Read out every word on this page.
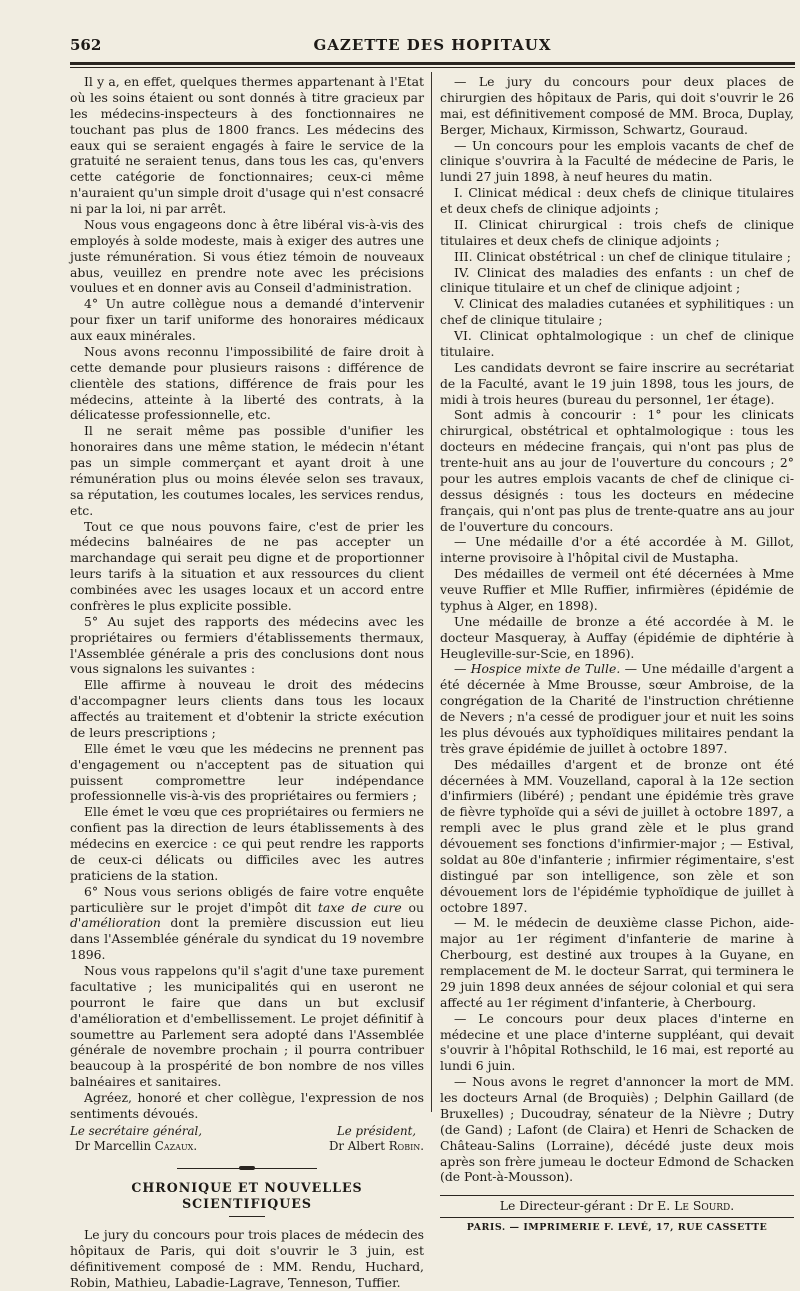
562	GAZETTE DES HOPITAUX

Il y a, en effet, quelques thermes appartenant à l'Etat où les soins étaient ou sont donnés à titre gracieux par les médecins-inspecteurs à des fonctionnaires ne touchant pas plus de 1800 francs. Les médecins des eaux qui se seraient engagés à faire le service de la gratuité ne seraient tenus, dans tous les cas, qu'envers cette catégorie de fonctionnaires; ceux-ci même n'auraient qu'un simple droit d'usage qui n'est consacré ni par la loi, ni par arrêt.

Nous vous engageons donc à être libéral vis-à-vis des employés à solde modeste, mais à exiger des autres une juste rémunération. Si vous étiez témoin de nouveaux abus, veuillez en prendre note avec les précisions voulues et en donner avis au Conseil d'administration.

4° Un autre collègue nous a demandé d'intervenir pour fixer un tarif uniforme des honoraires médicaux aux eaux minérales.

Nous avons reconnu l'impossibilité de faire droit à cette demande pour plusieurs raisons : différence de clientèle des stations, différence de frais pour les médecins, atteinte à la liberté des contrats, à la délicatesse professionnelle, etc.

Il ne serait même pas possible d'unifier les honoraires dans une même station, le médecin n'étant pas un simple commerçant et ayant droit à une rémunération plus ou moins élevée selon ses travaux, sa réputation, les coutumes locales, les services rendus, etc.

Tout ce que nous pouvons faire, c'est de prier les médecins balnéaires de ne pas accepter un marchandage qui serait peu digne et de proportionner leurs tarifs à la situation et aux ressources du client combinées avec les usages locaux et un accord entre confrères le plus explicite possible.

5° Au sujet des rapports des médecins avec les propriétaires ou fermiers d'établissements thermaux, l'Assemblée générale a pris des conclusions dont nous vous signalons les suivantes :

Elle affirme à nouveau le droit des médecins d'accompagner leurs clients dans tous les locaux affectés au traitement et d'obtenir la stricte exécution de leurs prescriptions ;

Elle émet le vœu que les médecins ne prennent pas d'engagement ou n'acceptent pas de situation qui puissent compromettre leur indépendance professionnelle vis-à-vis des propriétaires ou fermiers ;

Elle émet le vœu que ces propriétaires ou fermiers ne confient pas la direction de leurs établissements à des médecins en exercice : ce qui peut rendre les rapports de ceux-ci délicats ou difficiles avec les autres praticiens de la station.

6° Nous vous serions obligés de faire votre enquête particulière sur le projet d'impôt dit taxe de cure ou d'amélioration dont la première discussion eut lieu dans l'Assemblée générale du syndicat du 19 novembre 1896.

Nous vous rappelons qu'il s'agit d'une taxe purement facultative ; les municipalités qui en useront ne pourront le faire que dans un but exclusif d'amélioration et d'embellissement. Le projet définitif à soumettre au Parlement sera adopté dans l'Assemblée générale de novembre prochain ; il pourra contribuer beaucoup à la prospérité de bon nombre de nos villes balnéaires et sanitaires.

Agréez, honoré et cher collègue, l'expression de nos sentiments dévoués.

Le secrétaire général,
Dr Marcellin Cazaux.
Le président,
Dr Albert Robin.
CHRONIQUE ET NOUVELLES SCIENTIFIQUES

Le jury du concours pour trois places de médecin des hôpitaux de Paris, qui doit s'ouvrir le 3 juin, est définitivement composé de : MM. Rendu, Huchard, Robin, Mathieu, Labadie-Lagrave, Tenneson, Tuffier.

— Le jury du concours pour deux places de chirurgien des hôpitaux de Paris, qui doit s'ouvrir le 26 mai, est définitivement composé de MM. Broca, Duplay, Berger, Michaux, Kirmisson, Schwartz, Gouraud.

— Un concours pour les emplois vacants de chef de clinique s'ouvrira à la Faculté de médecine de Paris, le lundi 27 juin 1898, à neuf heures du matin.

I. Clinicat médical : deux chefs de clinique titulaires et deux chefs de clinique adjoints ;

II. Clinicat chirurgical : trois chefs de clinique titulaires et deux chefs de clinique adjoints ;

III. Clinicat obstétrical : un chef de clinique titulaire ;

IV. Clinicat des maladies des enfants : un chef de clinique titulaire et un chef de clinique adjoint ;

V. Clinicat des maladies cutanées et syphilitiques : un chef de clinique titulaire ;

VI. Clinicat ophtalmologique : un chef de clinique titulaire.

Les candidats devront se faire inscrire au secrétariat de la Faculté, avant le 19 juin 1898, tous les jours, de midi à trois heures (bureau du personnel, 1er étage).

Sont admis à concourir : 1° pour les clinicats chirurgical, obstétrical et ophtalmologique : tous les docteurs en médecine français, qui n'ont pas plus de trente-huit ans au jour de l'ouverture du concours ; 2° pour les autres emplois vacants de chef de clinique ci-dessus désignés : tous les docteurs en médecine français, qui n'ont pas plus de trente-quatre ans au jour de l'ouverture du concours.

— Une médaille d'or a été accordée à M. Gillot, interne provisoire à l'hôpital civil de Mustapha.

Des médailles de vermeil ont été décernées à Mme veuve Ruffier et Mlle Ruffier, infirmières (épidémie de typhus à Alger, en 1898).

Une médaille de bronze a été accordée à M. le docteur Masqueray, à Auffay (épidémie de diphtérie à Heugleville-sur-Scie, en 1896).

— Hospice mixte de Tulle. — Une médaille d'argent a été décernée à Mme Brousse, sœur Ambroise, de la congrégation de la Charité de l'instruction chrétienne de Nevers ; n'a cessé de prodiguer jour et nuit les soins les plus dévoués aux typhoïdiques militaires pendant la très grave épidémie de juillet à octobre 1897.

Des médailles d'argent et de bronze ont été décernées à MM. Vouzelland, caporal à la 12e section d'infirmiers (libéré) ; pendant une épidémie très grave de fièvre typhoïde qui a sévi de juillet à octobre 1897, a rempli avec le plus grand zèle et le plus grand dévouement ses fonctions d'infirmier-major ; — Estival, soldat au 80e d'infanterie ; infirmier régimentaire, s'est distingué par son intelligence, son zèle et son dévouement lors de l'épidémie typhoïdique de juillet à octobre 1897.

— M. le médecin de deuxième classe Pichon, aide-major au 1er régiment d'infanterie de marine à Cherbourg, est destiné aux troupes à la Guyane, en remplacement de M. le docteur Sarrat, qui terminera le 29 juin 1898 deux années de séjour colonial et qui sera affecté au 1er régiment d'infanterie, à Cherbourg.

— Le concours pour deux places d'interne en médecine et une place d'interne suppléant, qui devait s'ouvrir à l'hôpital Rothschild, le 16 mai, est reporté au lundi 6 juin.

— Nous avons le regret d'annoncer la mort de MM. les docteurs Arnal (de Broquiès) ; Delphin Gaillard (de Bruxelles) ; Ducoudray, sénateur de la Nièvre ; Dutry (de Gand) ; Lafont (de Claira) et Henri de Schacken de Château-Salins (Lorraine), décédé juste deux mois après son frère jumeau le docteur Edmond de Schacken (de Pont-à-Mousson).

Le Directeur-gérant : Dr E. Le Sourd.
PARIS. — IMPRIMERIE F. LEVÉ, 17, RUE CASSETTE
